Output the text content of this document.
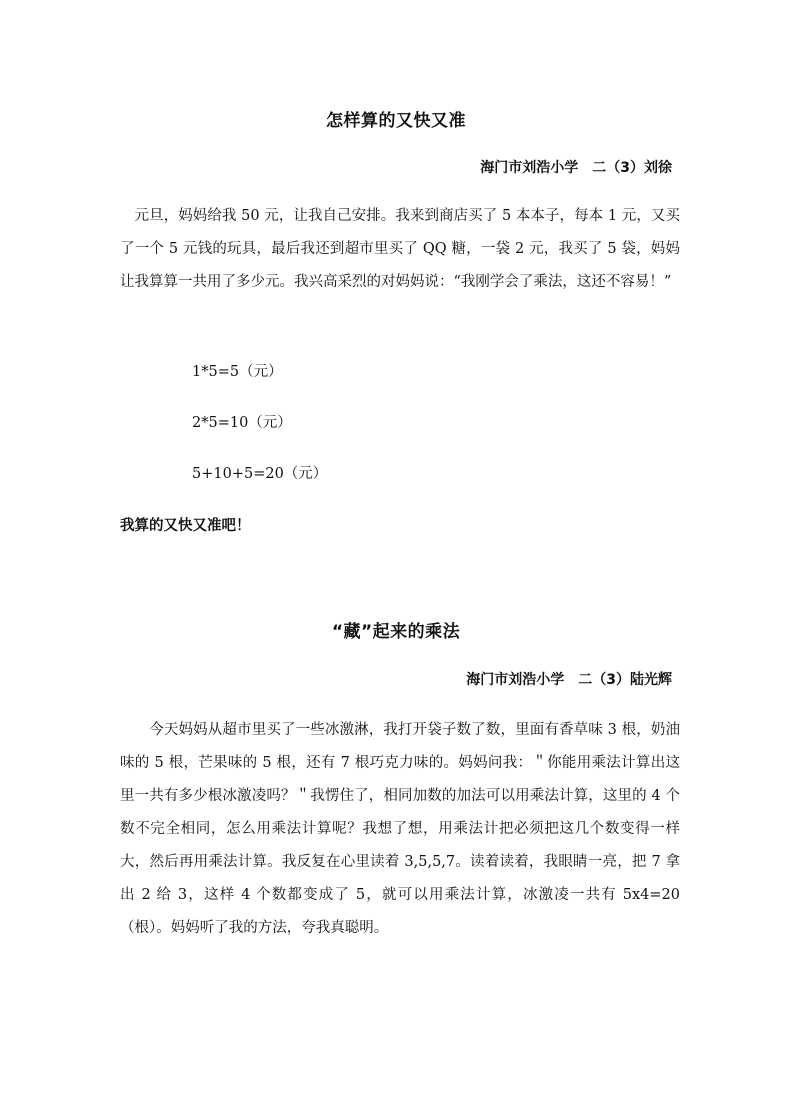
怎样算的又快又准
海门市刘浩小学　二（3）刘徐
　元旦，妈妈给我 50 元，让我自己安排。我来到商店买了 5 本本子，每本 1 元，又买了一个 5 元钱的玩具，最后我还到超市里买了 QQ 糖，一袋 2 元，我买了 5 袋，妈妈让我算算一共用了多少元。我兴高采烈的对妈妈说：“我刚学会了乘法，这还不容易！”
1*5=5（元）
2*5=10（元）
5+10+5=20（元）
我算的又快又准吧！
“藏”起来的乘法
海门市刘浩小学　二（3）陆光辉
　　今天妈妈从超市里买了一些冰激淋，我打开袋子数了数，里面有香草味 3 根，奶油味的 5 根，芒果味的 5 根，还有 7 根巧克力味的。妈妈问我：＂你能用乘法计算出这里一共有多少根冰激凌吗？＂我愣住了，相同加数的加法可以用乘法计算，这里的 4 个数不完全相同，怎么用乘法计算呢？我想了想，用乘法计把必须把这几个数变得一样大，然后再用乘法计算。我反复在心里读着 3,5,5,7。读着读着，我眼睛一亮，把 7 拿出 2 给 3，这样 4 个数都变成了 5，就可以用乘法计算，冰激凌一共有 5x4=20（根）。妈妈听了我的方法，夸我真聪明。
